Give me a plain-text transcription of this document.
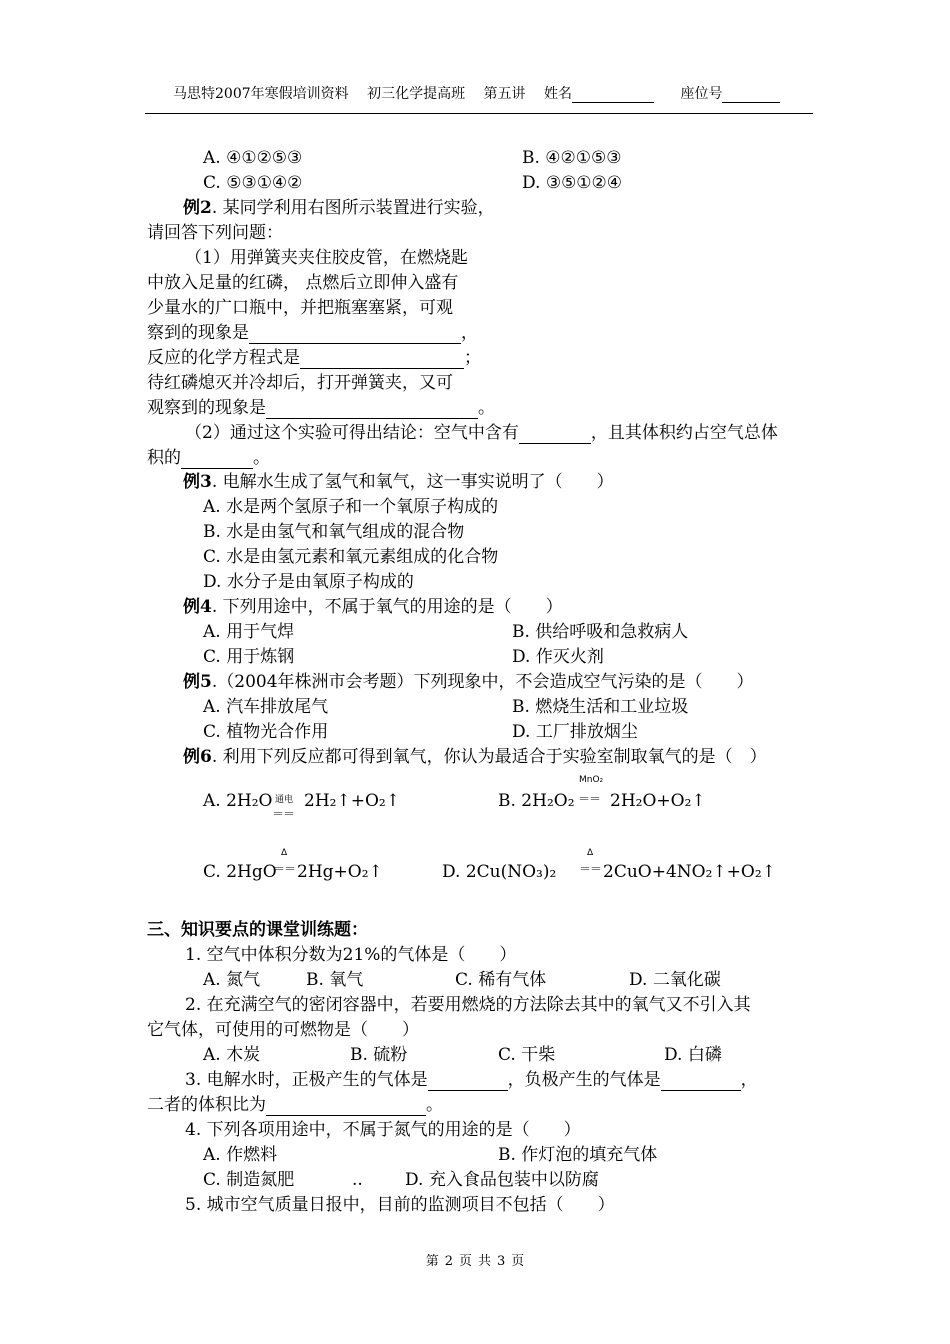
马思特2007年寒假培训资料 初三化学提高班 第五讲 姓名	座位号
A. ④①②⑤③	B. ④②①⑤③
C. ⑤③①④②	D. ③⑤①②④
例2. 某同学利用右图所示装置进行实验，
请回答下列问题：
（1）用弹簧夹夹住胶皮管，在燃烧匙
中放入足量的红磷， 点燃后立即伸入盛有
少量水的广口瓶中，并把瓶塞塞紧，可观
察到的现象是	，
反应的化学方程式是	；
待红磷熄灭并冷却后，打开弹簧夹，又可
观察到的现象是	。
（2）通过这个实验可得出结论：空气中含有	，且其体积约占空气总体
积的	。
例3. 电解水生成了氢气和氧气，这一事实说明了（　　）
A. 水是两个氢原子和一个氧原子构成的
B. 水是由氢气和氧气组成的混合物
C. 水是由氢元素和氧元素组成的化合物
D. 水分子是由氧原子构成的
例4. 下列用途中，不属于氧气的用途的是（　　）
A. 用于气焊	B. 供给呼吸和急救病人
C. 用于炼钢	D. 作灭火剂
例5.（2004年株洲市会考题）下列现象中，不会造成空气污染的是（　　）
A. 汽车排放尾气	B. 燃烧生活和工业垃圾
C. 植物光合作用	D. 工厂排放烟尘
例6. 利用下列反应都可得到氧气，你认为最适合于实验室制取氧气的是（　）
A. 2H₂O 通电
＝＝
2H₂↑+O₂↑	B. 2H₂O₂
MnO₂
＝＝ 2H₂O+O₂↑
C. 2HgO
Δ
＝＝ 2Hg+O₂↑	D. 2Cu(NO₃)₂
Δ
＝＝ 2CuO+4NO₂↑+O₂↑
三、知识要点的课堂训练题：
1. 空气中体积分数为21%的气体是（　　）
A. 氮气	B. 氧气	C. 稀有气体	D. 二氧化碳
2. 在充满空气的密闭容器中，若要用燃烧的方法除去其中的氧气又不引入其
它气体，可使用的可燃物是（　　）
A. 木炭	B. 硫粉	C. 干柴	D. 白磷
3. 电解水时，正极产生的气体是	，负极产生的气体是	，
二者的体积比为	。
4. 下列各项用途中，不属于氮气的用途的是（　　）
A. 作燃料	B. 作灯泡的填充气体
C. 制造氮肥	.. D. 充入食品包装中以防腐
5. 城市空气质量日报中，目前的监测项目不包括（　　）
第 2 页 共 3 页
